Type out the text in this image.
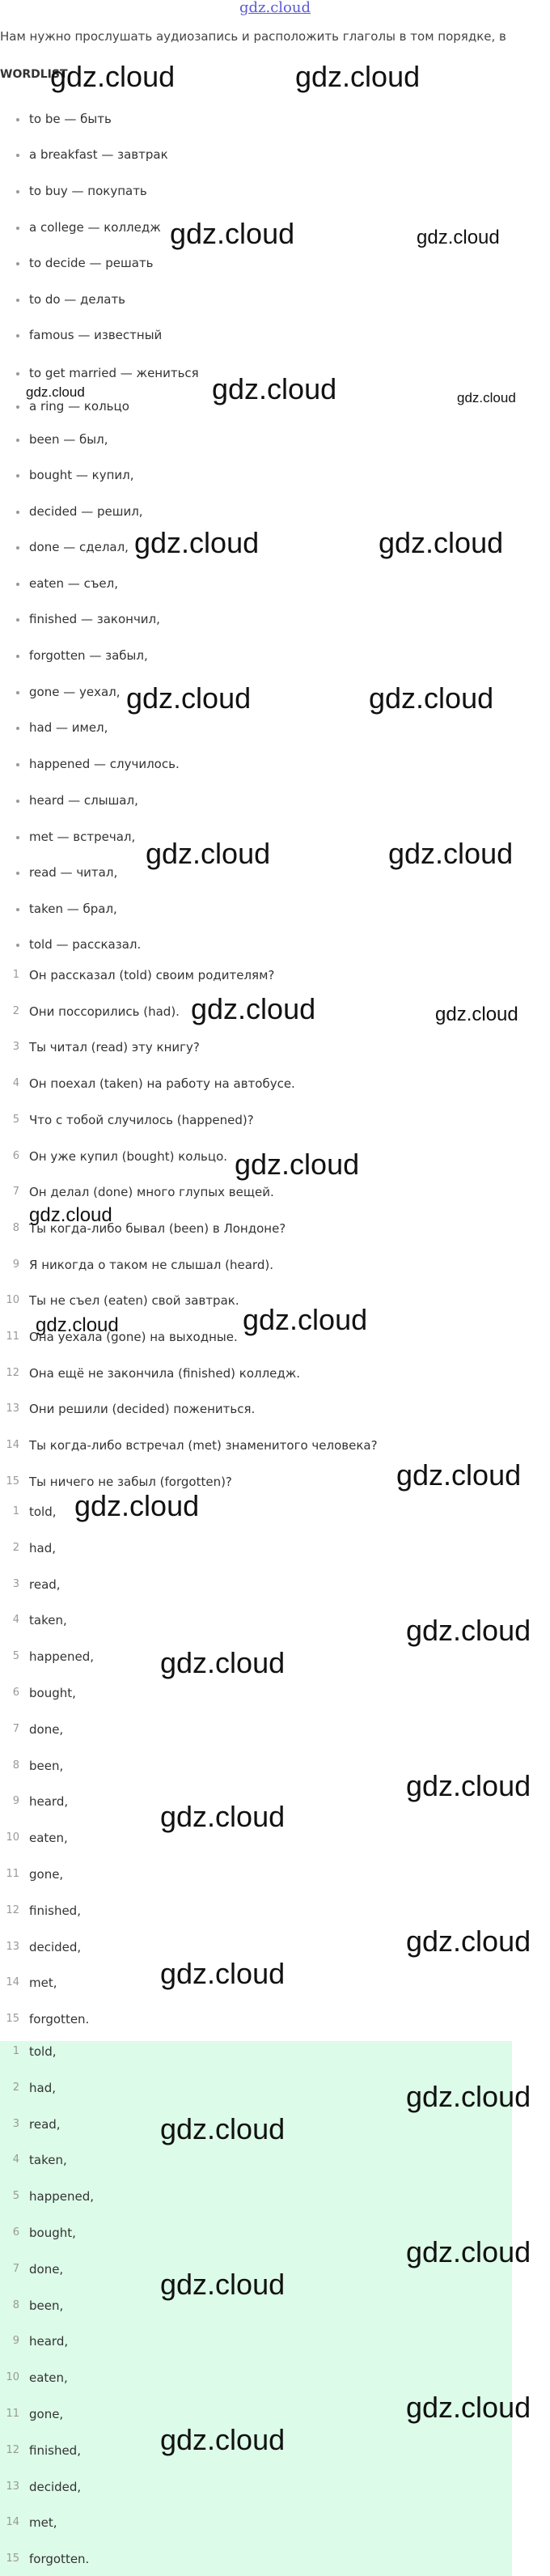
gdz.cloud
Нам нужно прослушать аудиозапись и расположить глаголы в том порядке, в
WORDLIST
to be — быть
a breakfast — завтрак
to buy — покупать
a college — колледж
to decide — решать
to do — делать
famous — известный
to get married — жениться
a ring — кольцо
been — был,
bought — купил,
decided — решил,
done — сделал,
eaten — съел,
finished — закончил,
forgotten — забыл,
gone — уехал,
had — имел,
happened — случилось.
heard — слышал,
met — встречал,
read — читал,
taken — брал,
told — рассказал.
1 Он рассказал (told) своим родителям?
2 Они поссорились (had).
3 Ты читал (read) эту книгу?
4 Он поехал (taken) на работу на автобусе.
5 Что с тобой случилось (happened)?
6 Он уже купил (bought) кольцо.
7 Он делал (done) много глупых вещей.
8 Ты когда-либо бывал (been) в Лондоне?
9 Я никогда о таком не слышал (heard).
10 Ты не съел (eaten) свой завтрак.
11 Она уехала (gone) на выходные.
12 Она ещё не закончила (finished) колледж.
13 Они решили (decided) пожениться.
14 Ты когда-либо встречал (met) знаменитого человека?
15 Ты ничего не забыл (forgotten)?
1 told,
2 had,
3 read,
4 taken,
5 happened,
6 bought,
7 done,
8 been,
9 heard,
10 eaten,
11 gone,
12 finished,
13 decided,
14 met,
15 forgotten.
1 told,
2 had,
3 read,
4 taken,
5 happened,
6 bought,
7 done,
8 been,
9 heard,
10 eaten,
11 gone,
12 finished,
13 decided,
14 met,
15 forgotten.
gdz.cloud	gdz.cloud
gdz.cloud	gdz.cloud
gdz.cloud	gdz.cloud	gdz.cloud
gdz.cloud	gdz.cloud
gdz.cloud	gdz.cloud
gdz.cloud	gdz.cloud
gdz.cloud	gdz.cloud
gdz.cloud
gdz.cloud
gdz.cloud
gdz.cloud
gdz.cloud
gdz.cloud
gdz.cloud
gdz.cloud
gdz.cloud
gdz.cloud
gdz.cloud
gdz.cloud
gdz.cloud
gdz.cloud
gdz.cloud
gdz.cloud
gdz.cloud
gdz.cloud
